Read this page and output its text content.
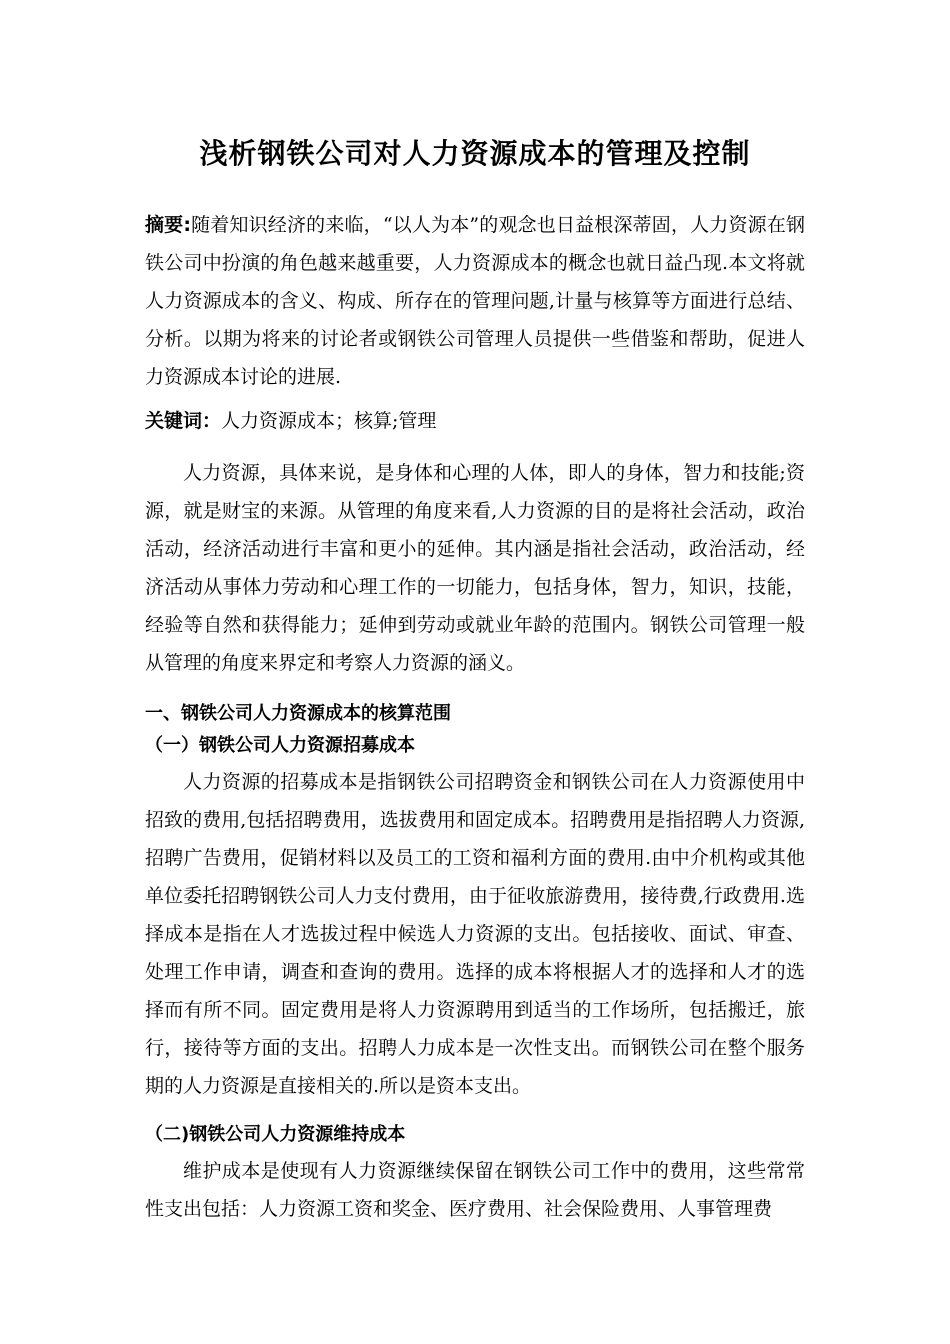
浅析钢铁公司对人力资源成本的管理及控制

摘要:随着知识经济的来临，“以人为本”的观念也日益根深蒂固，人力资源在钢铁公司中扮演的角色越来越重要，人力资源成本的概念也就日益凸现.本文将就人力资源成本的含义、构成、所存在的管理问题,计量与核算等方面进行总结、分析。以期为将来的讨论者或钢铁公司管理人员提供一些借鉴和帮助，促进人力资源成本讨论的进展.

关键词：人力资源成本；核算;管理

人力资源，具体来说，是身体和心理的人体，即人的身体，智力和技能;资源，就是财宝的来源。从管理的角度来看,人力资源的目的是将社会活动，政治活动，经济活动进行丰富和更小的延伸。其内涵是指社会活动，政治活动，经济活动从事体力劳动和心理工作的一切能力，包括身体，智力，知识，技能，经验等自然和获得能力；延伸到劳动或就业年龄的范围内。钢铁公司管理一般从管理的角度来界定和考察人力资源的涵义。

一、钢铁公司人力资源成本的核算范围
（一）钢铁公司人力资源招募成本

人力资源的招募成本是指钢铁公司招聘资金和钢铁公司在人力资源使用中招致的费用,包括招聘费用，选拔费用和固定成本。招聘费用是指招聘人力资源,招聘广告费用，促销材料以及员工的工资和福利方面的费用.由中介机构或其他单位委托招聘钢铁公司人力支付费用，由于征收旅游费用，接待费,行政费用.选择成本是指在人才选拔过程中候选人力资源的支出。包括接收、面试、审查、处理工作申请，调查和查询的费用。选择的成本将根据人才的选择和人才的选择而有所不同。固定费用是将人力资源聘用到适当的工作场所，包括搬迁，旅行，接待等方面的支出。招聘人力成本是一次性支出。而钢铁公司在整个服务期的人力资源是直接相关的.所以是资本支出。

（二)钢铁公司人力资源维持成本

维护成本是使现有人力资源继续保留在钢铁公司工作中的费用，这些常常性支出包括：人力资源工资和奖金、医疗费用、社会保险费用、人事管理费
